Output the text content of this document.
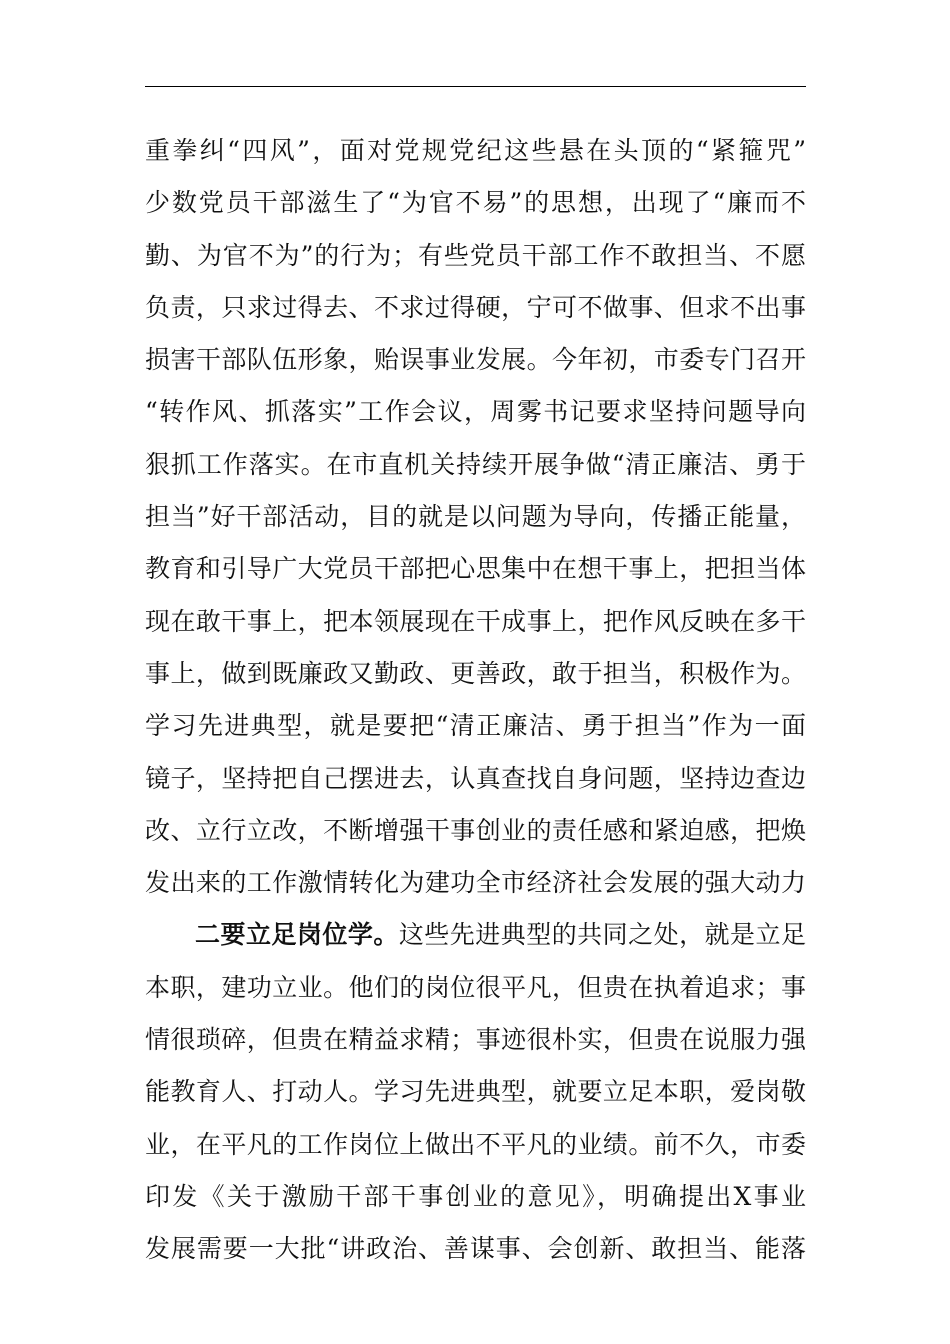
重拳纠“四风”，面对党规党纪这些悬在头顶的“紧箍咒”
少数党员干部滋生了“为官不易”的思想，出现了“廉而不
勤、为官不为”的行为；有些党员干部工作不敢担当、不愿
负责，只求过得去、不求过得硬，宁可不做事、但求不出事
损害干部队伍形象，贻误事业发展。今年初，市委专门召开
“转作风、抓落实”工作会议，周雾书记要求坚持问题导向
狠抓工作落实。在市直机关持续开展争做“清正廉洁、勇于
担当”好干部活动，目的就是以问题为导向，传播正能量，
教育和引导广大党员干部把心思集中在想干事上，把担当体
现在敢干事上，把本领展现在干成事上，把作风反映在多干
事上，做到既廉政又勤政、更善政，敢于担当，积极作为。
学习先进典型，就是要把“清正廉洁、勇于担当”作为一面
镜子，坚持把自己摆进去，认真查找自身问题，坚持边查边
改、立行立改，不断增强干事创业的责任感和紧迫感，把焕
发出来的工作激情转化为建功全市经济社会发展的强大动力
二要立足岗位学。这些先进典型的共同之处，就是立足
本职，建功立业。他们的岗位很平凡，但贵在执着追求；事
情很琐碎，但贵在精益求精；事迹很朴实，但贵在说服力强
能教育人、打动人。学习先进典型，就要立足本职，爱岗敬
业，在平凡的工作岗位上做出不平凡的业绩。前不久，市委
印发《关于激励干部干事创业的意见》，明确提出X事业
发展需要一大批“讲政治、善谋事、会创新、敢担当、能落
